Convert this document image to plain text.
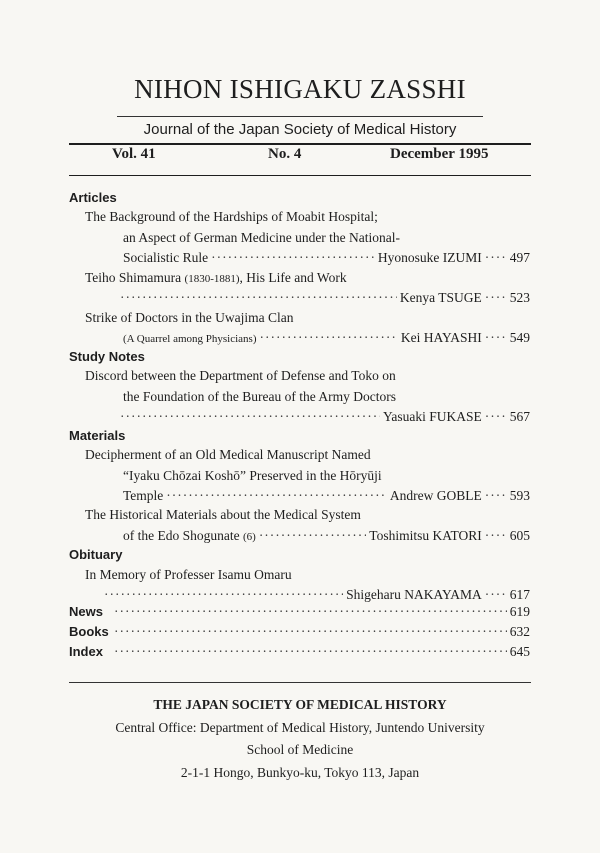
NIHON ISHIGAKU ZASSHI
Journal of the Japan Society of Medical History
Vol. 41	No. 4	December 1995
Articles
The Background of the Hardships of Moabit Hospital;
an Aspect of German Medicine under the National-
Socialistic Rule ·····	Hyonosuke IZUMI ····· 497
Teiho Shimamura
(1830-1881) , His Life and Work
·····
Kenya TSUGE ····· 523
Strike of Doctors in the Uwajima Clan
(A Quarrel among Physicians) ·····	Kei HAYASHI ····· 549
Study Notes
Discord between the Department of Defense and Toko on
the Foundation of the Bureau of the Army Doctors
·····
Yasuaki FUKASE ····· 567
Materials
Decipherment of an Old Medical Manuscript Named
“Iyaku Chōzai Koshō” Preserved in the Hōryūji
Temple ·····	Andrew GOBLE ····· 593
The Historical Materials about the Medical System
of the Edo Shogunate
(6) ·····	Toshimitsu KATORI ····· 605
Obituary
In Memory of Professer Isamu Omaru
·····
Shigeharu NAKAYAMA ····· 617
News ·····	619
Books ·····	632
Index ·····	645
THE JAPAN SOCIETY OF MEDICAL HISTORY
Central Office: Department of Medical History, Juntendo University
School of Medicine
2-1-1 Hongo, Bunkyo-ku, Tokyo 113, Japan
